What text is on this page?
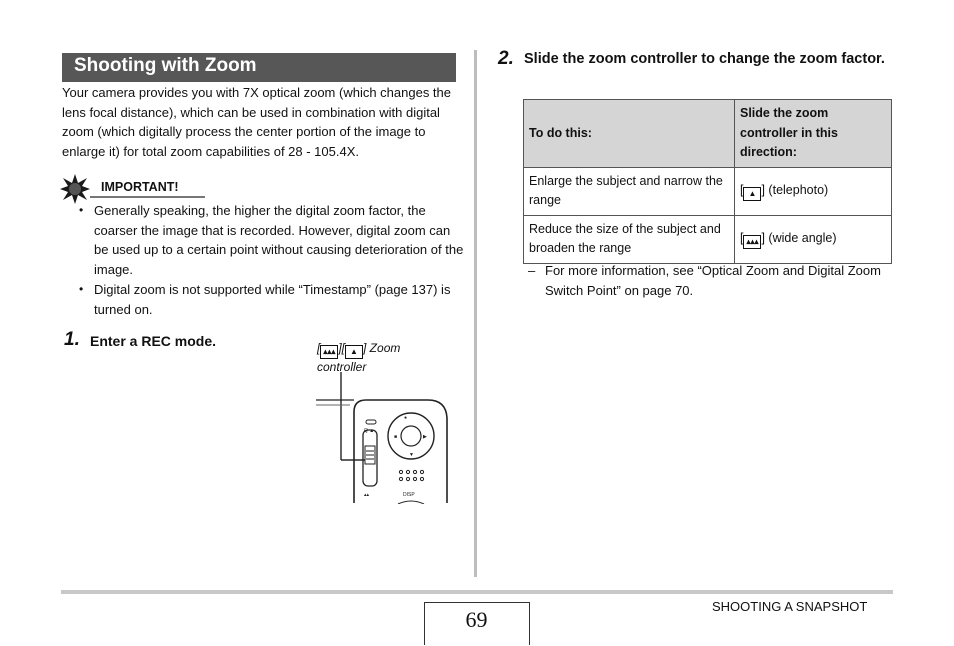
Shooting with Zoom
Your camera provides you with 7X optical zoom (which changes the lens focal distance), which can be used in combination with digital zoom (which digitally process the center portion of the image to enlarge it) for total zoom capabilities of 28 - 105.4X.
IMPORTANT!
• Generally speaking, the higher the digital zoom factor, the coarser the image that is recorded. However, digital zoom can be used up to a certain point without causing deterioration of the image.
• Digital zoom is not supported while “Timestamp” (page 137) is turned on.
1. Enter a REC mode.	[ ▴▴▴ ][ ▲ ] Zoom
controller
Q ▲
▴▴
●
■	▶
▼
DISP
2. Slide the zoom controller to change the zoom factor.
To do this:	Slide the zoom controller in this direction:
Enlarge the subject and narrow the range	[ ▲ ] (telephoto)
Reduce the size of the subject and broaden the range	[ ▴▴▴ ] (wide angle)
– For more information, see “Optical Zoom and Digital Zoom Switch Point” on page 70.
69
SHOOTING A SNAPSHOT
